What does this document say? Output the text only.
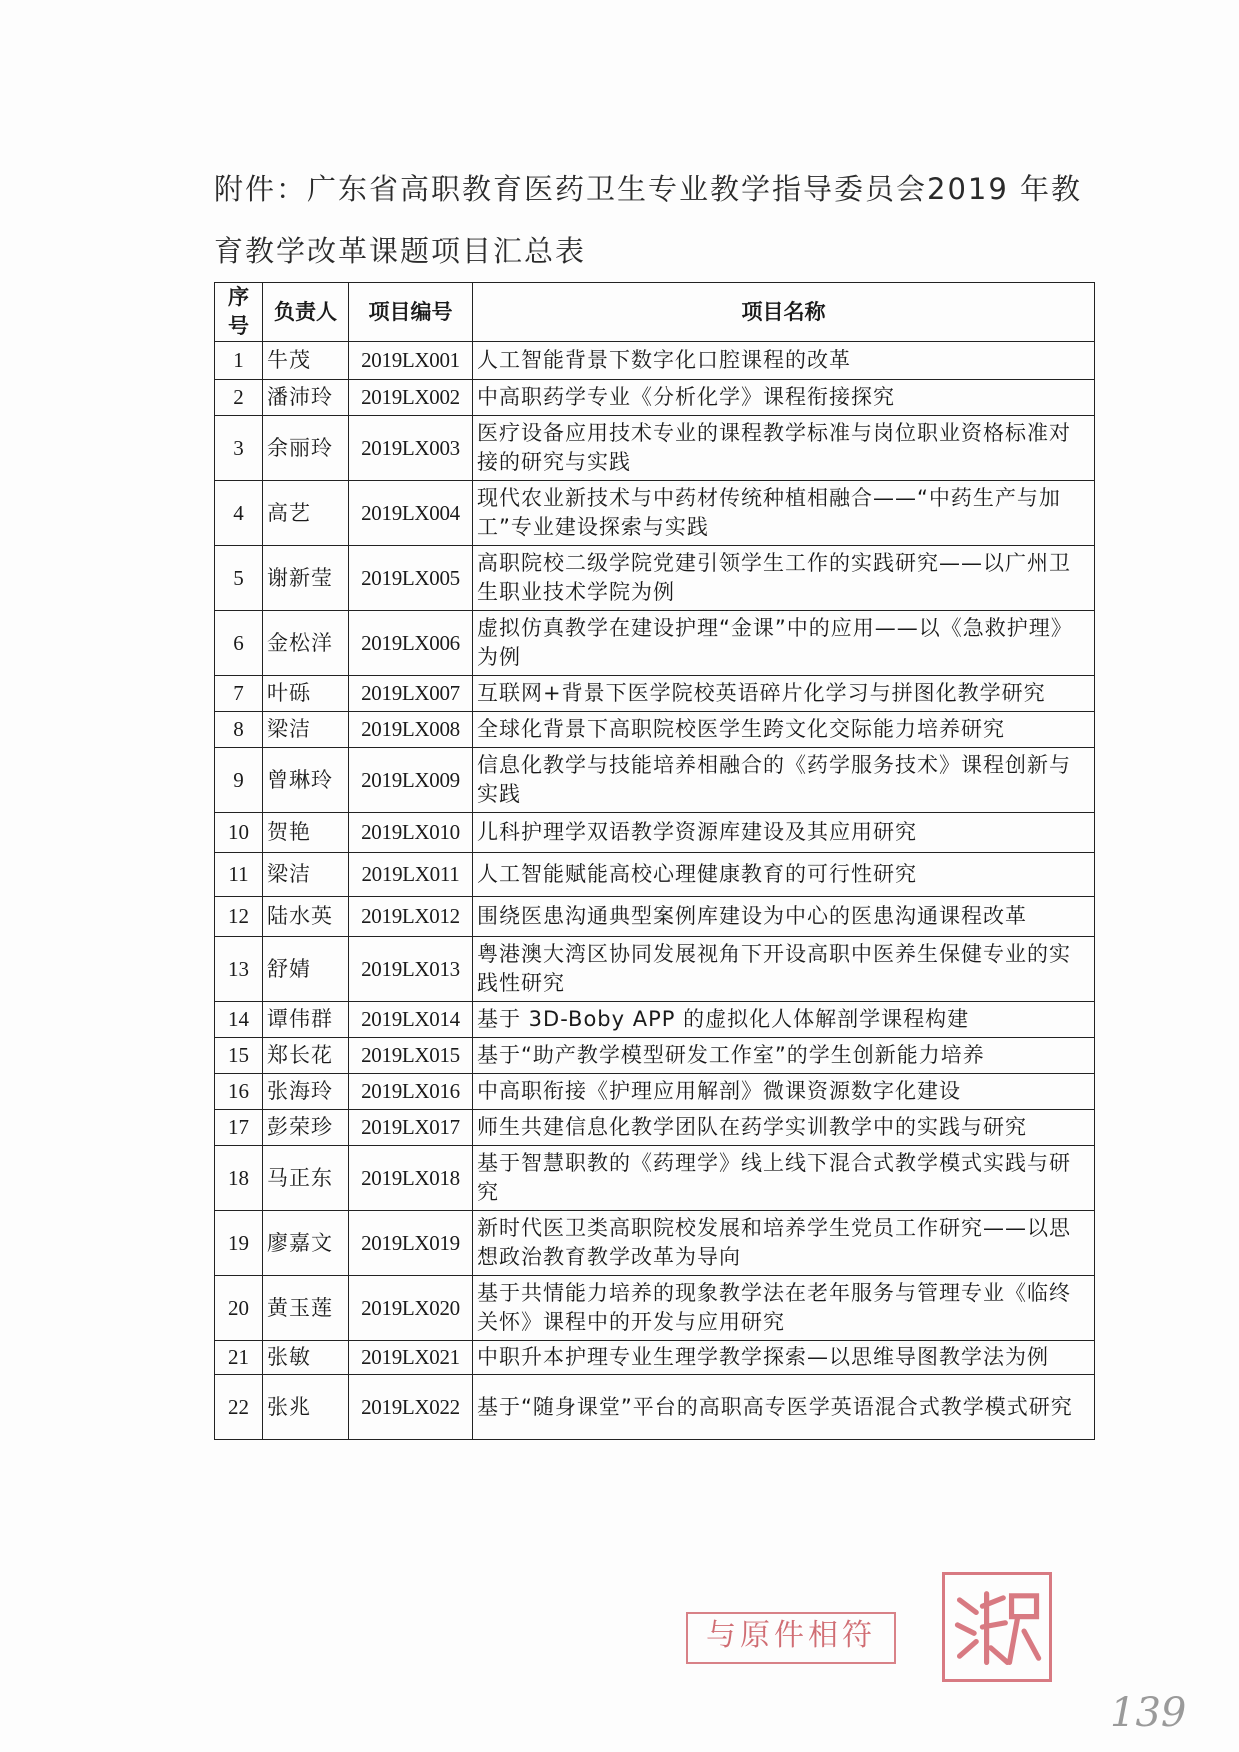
附件：广东省高职教育医药卫生专业教学指导委员会2019 年教育教学改革课题项目汇总表
序号	负责人	项目编号	项目名称
1	牛茂	2019LX001	人工智能背景下数字化口腔课程的改革
2	潘沛玲	2019LX002	中高职药学专业《分析化学》课程衔接探究
3	余丽玲	2019LX003	医疗设备应用技术专业的课程教学标准与岗位职业资格标准对接的研究与实践
4	高艺	2019LX004	现代农业新技术与中药材传统种植相融合——“中药生产与加工”专业建设探索与实践
5	谢新莹	2019LX005	高职院校二级学院党建引领学生工作的实践研究——以广州卫生职业技术学院为例
6	金松洋	2019LX006	虚拟仿真教学在建设护理“金课”中的应用——以《急救护理》为例
7	叶砾	2019LX007	互联网+背景下医学院校英语碎片化学习与拼图化教学研究
8	梁洁	2019LX008	全球化背景下高职院校医学生跨文化交际能力培养研究
9	曾琳玲	2019LX009	信息化教学与技能培养相融合的《药学服务技术》课程创新与实践
10	贺艳	2019LX010	儿科护理学双语教学资源库建设及其应用研究
11	梁洁	2019LX011	人工智能赋能高校心理健康教育的可行性研究
12	陆水英	2019LX012	围绕医患沟通典型案例库建设为中心的医患沟通课程改革
13	舒婧	2019LX013	粤港澳大湾区协同发展视角下开设高职中医养生保健专业的实践性研究
14	谭伟群	2019LX014	基于 3D-Boby APP 的虚拟化人体解剖学课程构建
15	郑长花	2019LX015	基于“助产教学模型研发工作室”的学生创新能力培养
16	张海玲	2019LX016	中高职衔接《护理应用解剖》微课资源数字化建设
17	彭荣珍	2019LX017	师生共建信息化教学团队在药学实训教学中的实践与研究
18	马正东	2019LX018	基于智慧职教的《药理学》线上线下混合式教学模式实践与研究
19	廖嘉文	2019LX019	新时代医卫类高职院校发展和培养学生党员工作研究——以思想政治教育教学改革为导向
20	黄玉莲	2019LX020	基于共情能力培养的现象教学法在老年服务与管理专业《临终关怀》课程中的开发与应用研究
21	张敏	2019LX021	中职升本护理专业生理学教学探索—以思维导图教学法为例
22	张兆	2019LX022	基于“随身课堂”平台的高职高专医学英语混合式教学模式研究
与原件相符
139
